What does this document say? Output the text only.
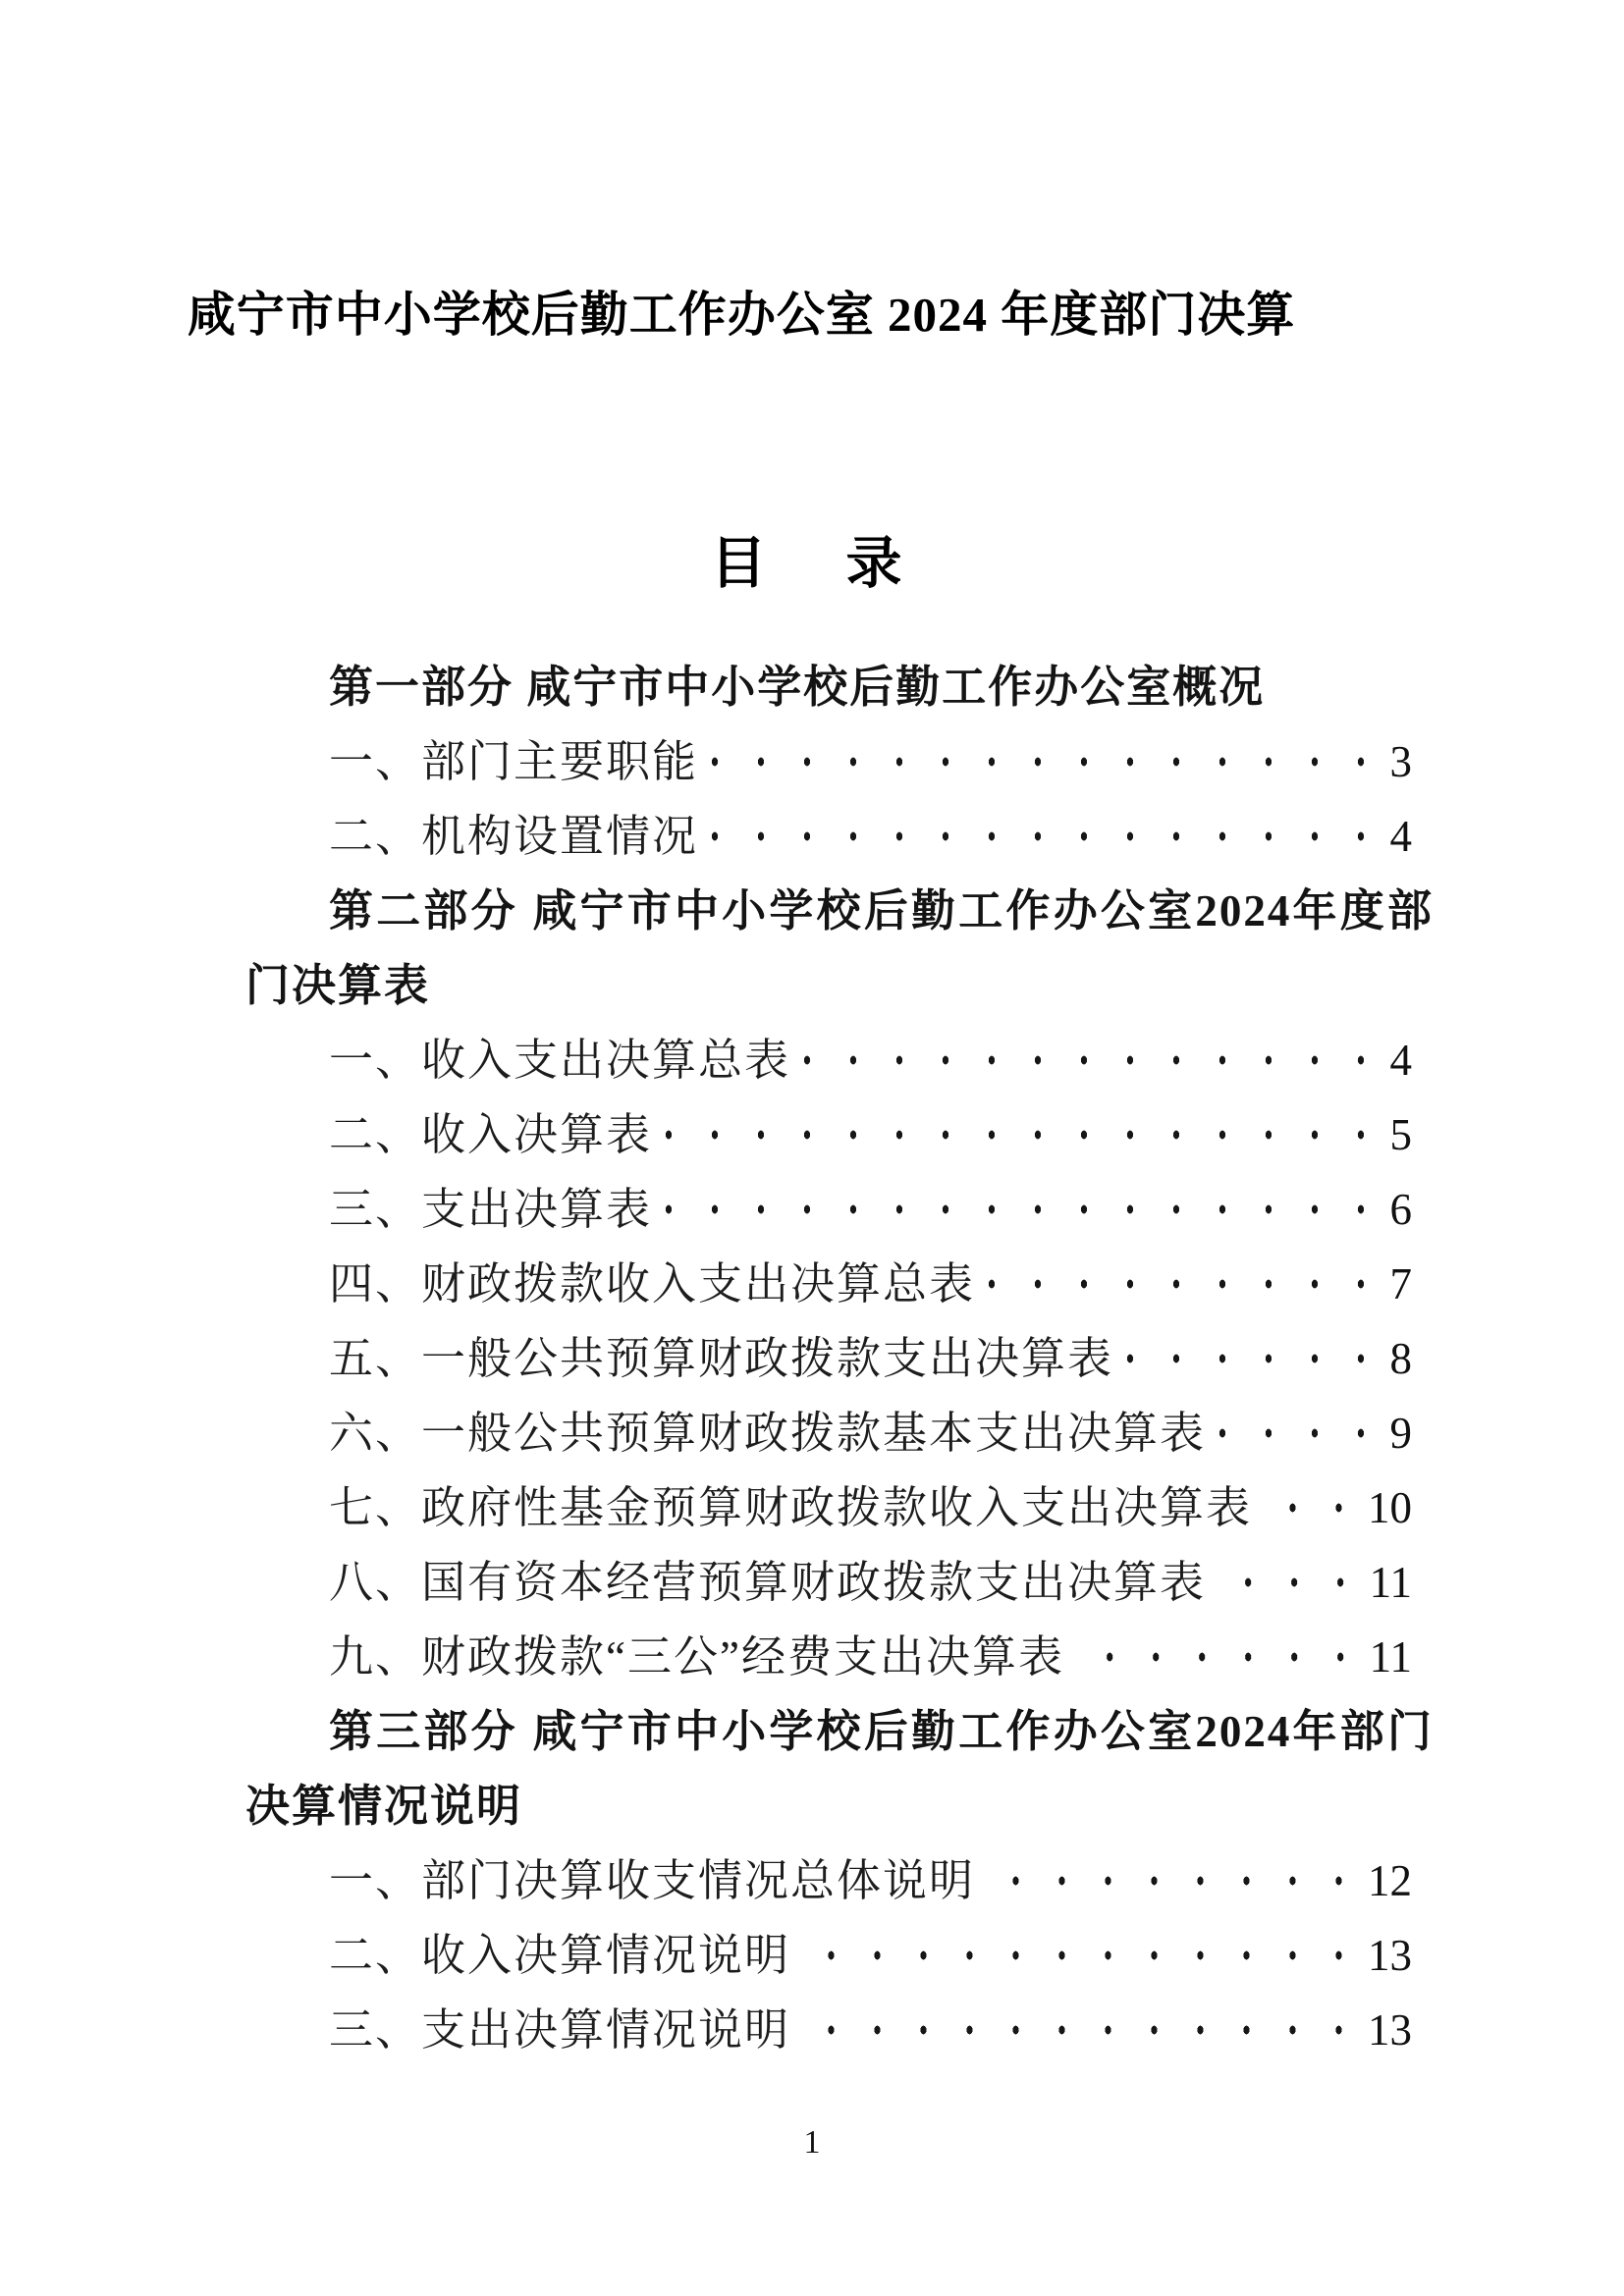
咸宁市中小学校后勤工作办公室 2024 年度部门决算
目　录

第一部分 咸宁市中小学校后勤工作办公室概况

一、部门主要职能	3
二、机构设置情况	4

第二部分 咸宁市中小学校后勤工作办公室2024年度部门决算表

一、收入支出决算总表	4
二、收入决算表	5
三、支出决算表	6
四、财政拨款收入支出决算总表	7
五、一般公共预算财政拨款支出决算表	8
六、一般公共预算财政拨款基本支出决算表	9
七、政府性基金预算财政拨款收入支出决算表	10
八、国有资本经营预算财政拨款支出决算表	11
九、财政拨款“三公”经费支出决算表	11

第三部分 咸宁市中小学校后勤工作办公室2024年部门决算情况说明

一、部门决算收支情况总体说明	12
二、收入决算情况说明	13
三、支出决算情况说明	13
1
